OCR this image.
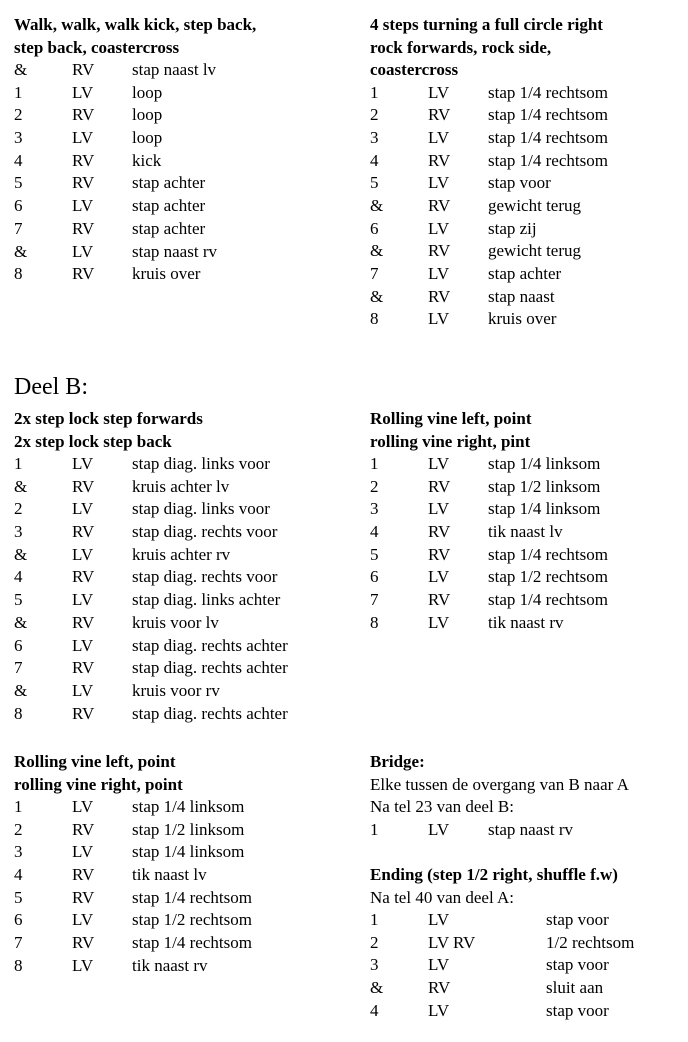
Walk, walk, walk kick, step back,
step back, coastercross
&	RV stap naast lv
1	LV loop
2	RV loop
3	LV loop
4	RV kick
5	RV stap achter
6	LV stap achter
7	RV stap achter
&	LV stap naast rv
8	RV kruis over
4 steps turning a full circle right
rock forwards, rock side,
coastercross
1	LV stap 1/4 rechtsom
2	RV stap 1/4 rechtsom
3	LV stap 1/4 rechtsom
4	RV stap 1/4 rechtsom
5	LV stap voor
&	RV gewicht terug
6	LV stap zij
&	RV gewicht terug
7	LV stap achter
&	RV stap naast
8	LV kruis over
Deel B:
2x step lock step forwards
2x step lock step back
1	LV stap diag. links voor
&	RV kruis achter lv
2	LV stap diag. links voor
3	RV stap diag. rechts voor
&	LV kruis achter rv
4	RV stap diag. rechts voor
5	LV stap diag. links achter
&	RV kruis voor lv
6	LV stap diag. rechts achter
7	RV stap diag. rechts achter
&	LV kruis voor rv
8	RV stap diag. rechts achter
Rolling vine left, point
rolling vine right, pint
1	LV stap 1/4 linksom
2	RV stap 1/2 linksom
3	LV stap 1/4 linksom
4	RV tik naast lv
5	RV stap 1/4 rechtsom
6	LV stap 1/2 rechtsom
7	RV stap 1/4 rechtsom
8	LV tik naast rv
Rolling vine left, point
rolling vine right, point
1	LV stap 1/4 linksom
2	RV stap 1/2 linksom
3	LV stap 1/4 linksom
4	RV tik naast lv
5	RV stap 1/4 rechtsom
6	LV stap 1/2 rechtsom
7	RV stap 1/4 rechtsom
8	LV tik naast rv
Bridge:
Elke tussen de overgang van B naar A
Na tel 23 van deel B:
1	LV stap naast rv
Ending (step 1/2 right, shuffle f.w)
Na tel 40 van deel A:
1	LV	stap voor
2	LV RV	1/2 rechtsom
3	LV	stap voor
&	RV	sluit aan
4	LV	stap voor
